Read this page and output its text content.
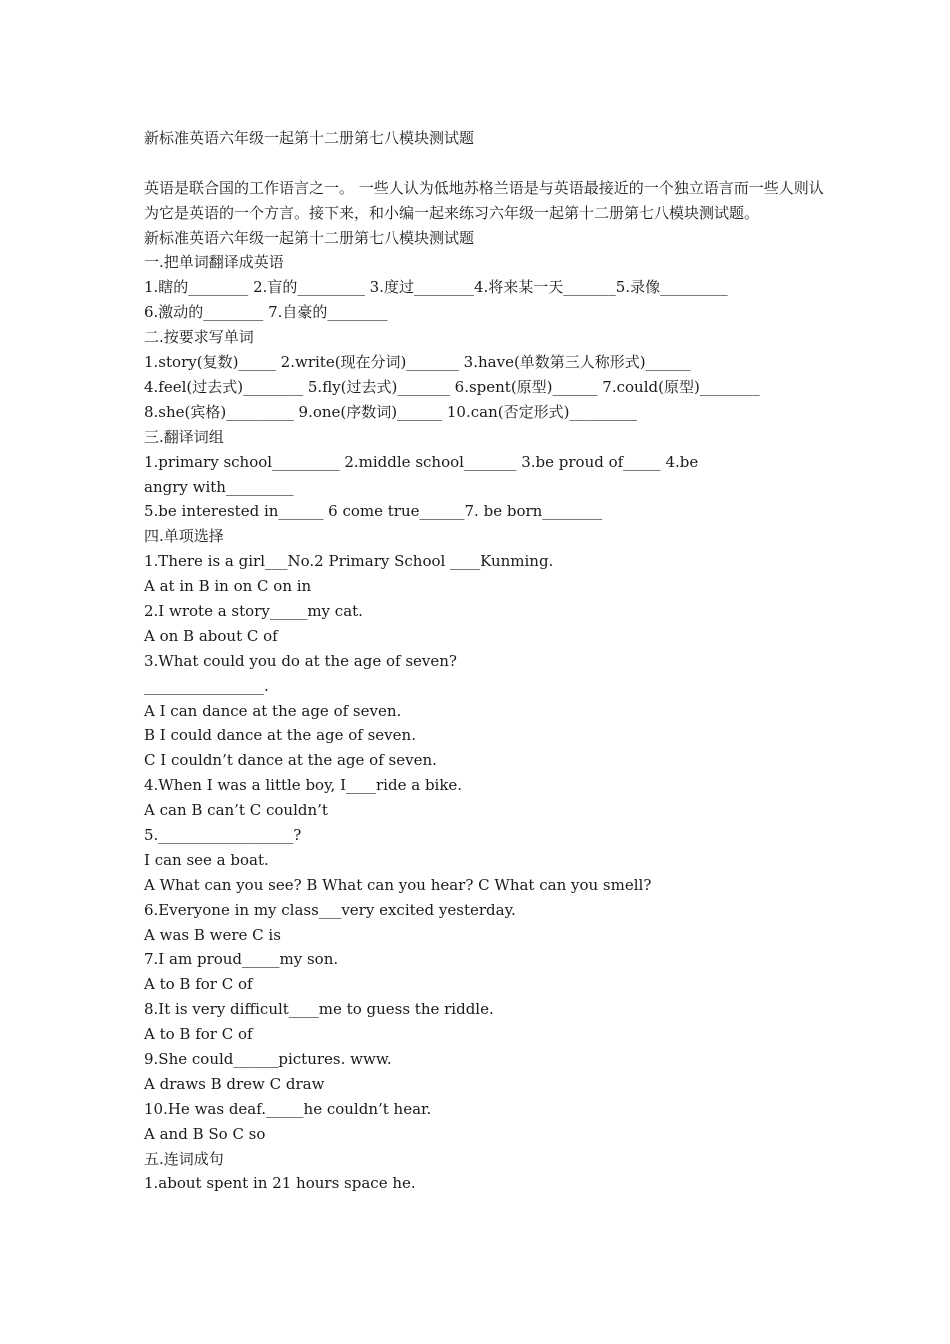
新标准英语六年级一起第十二册第七八模块测试题
英语是联合国的工作语言之一。 一些人认为低地苏格兰语是与英语最接近的一个独立语言而一些人则认为它是英语的一个方言。接下来，和小编一起来练习六年级一起第十二册第七八模块测试题。
新标准英语六年级一起第十二册第七八模块测试题
一.把单词翻译成英语
1.瞎的________ 2.盲的_________ 3.度过________4.将来某一天_______5.录像_________
6.激动的________ 7.自豪的________
二.按要求写单词
1.story(复数)_____ 2.write(现在分词)_______ 3.have(单数第三人称形式)______
4.feel(过去式)________ 5.fly(过去式)_______ 6.spent(原型)______ 7.could(原型)________
8.she(宾格)_________ 9.one(序数词)______ 10.can(否定形式)_________
三.翻译词组
1.primary school_________ 2.middle school_______ 3.be proud of_____ 4.be
angry with_________
5.be interested in______ 6 come true______7. be born________
四.单项选择
1.There is a girl___No.2 Primary School ____Kunming.
A at in B in on C on in
2.I wrote a story_____my cat.
A on B about C of
3.What could you do at the age of seven?
________________.
A I can dance at the age of seven.
B I could dance at the age of seven.
C I couldn’t dance at the age of seven.
4.When I was a little boy, I____ride a bike.
A can B can’t C couldn’t
5.__________________?
I can see a boat.
A What can you see? B What can you hear? C What can you smell?
6.Everyone in my class___very excited yesterday.
A was B were C is
7.I am proud_____my son.
A to B for C of
8.It is very difficult____me to guess the riddle.
A to B for C of
9.She could______pictures. www.
A draws B drew C draw
10.He was deaf._____he couldn’t hear.
A and B So C so
五.连词成句
1.about spent in 21 hours space he.
